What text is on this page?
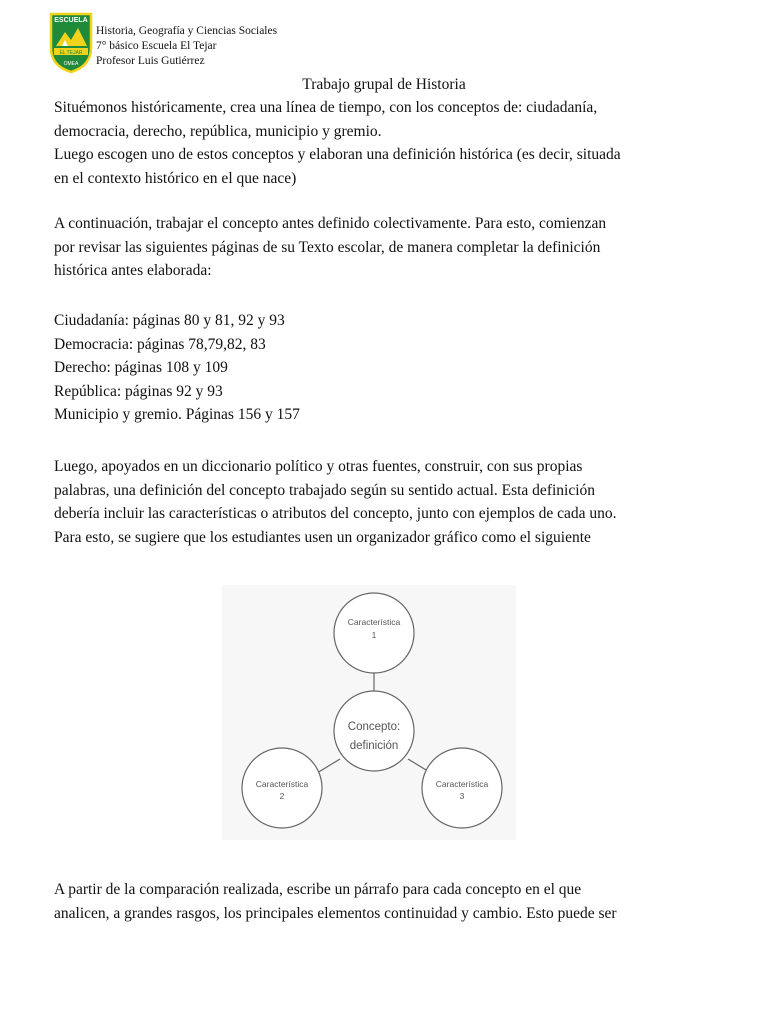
ESCUELA
EL TEJAR
OMEA
Historia, Geografía y Ciencias Sociales
7° básico Escuela El Tejar
Profesor Luis Gutiérrez
Trabajo grupal de Historia

Situémonos históricamente, crea una línea de tiempo, con los conceptos de: ciudadanía,

democracia, derecho, república, municipio y gremio.

Luego escogen uno de estos conceptos y elaboran una definición histórica (es decir, situada

en el contexto histórico en el que nace)

A continuación, trabajar el concepto antes definido colectivamente. Para esto, comienzan

por revisar las siguientes páginas de su Texto escolar, de manera completar la definición

histórica antes elaborada:

Ciudadanía: páginas 80 y 81, 92 y 93

Democracia: páginas 78,79,82, 83

Derecho: páginas 108 y 109

República: páginas 92 y 93

Municipio y gremio. Páginas 156 y 157

Luego, apoyados en un diccionario político y otras fuentes, construir, con sus propias

palabras, una definición del concepto trabajado según su sentido actual. Esta definición

debería incluir las características o atributos del concepto, junto con ejemplos de cada uno.

Para esto, se sugiere que los estudiantes usen un organizador gráfico como el siguiente

Característica
1
Concepto:
definición
Característica
2
Característica
3

A partir de la comparación realizada, escribe un párrafo para cada concepto en el que

analicen, a grandes rasgos, los principales elementos continuidad y cambio. Esto puede ser
